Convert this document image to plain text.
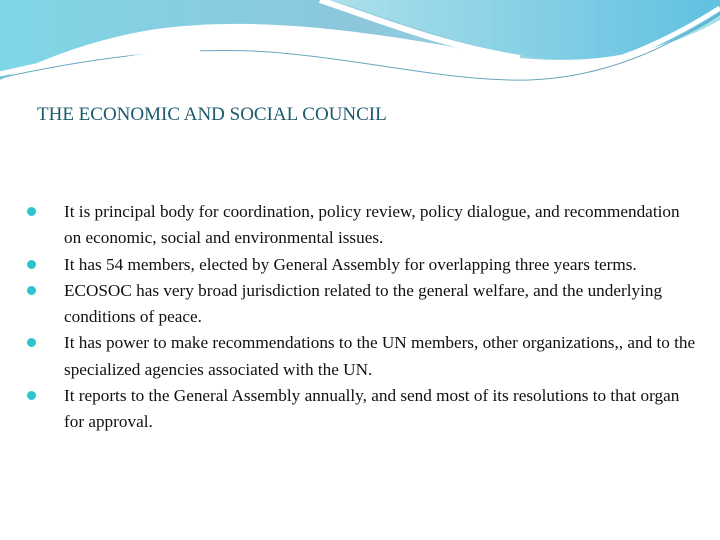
THE ECONOMIC AND SOCIAL COUNCIL
It is principal body for coordination, policy review, policy dialogue, and recommendation on economic, social and environmental issues.
It has 54 members, elected by General Assembly for overlapping three years terms.
ECOSOC has very broad jurisdiction related to the general welfare, and the underlying conditions of peace.
It has power to make recommendations to the UN members, other organizations,, and to the specialized agencies associated with the UN.
It reports to the General Assembly annually, and send most of its resolutions to that organ for approval.
